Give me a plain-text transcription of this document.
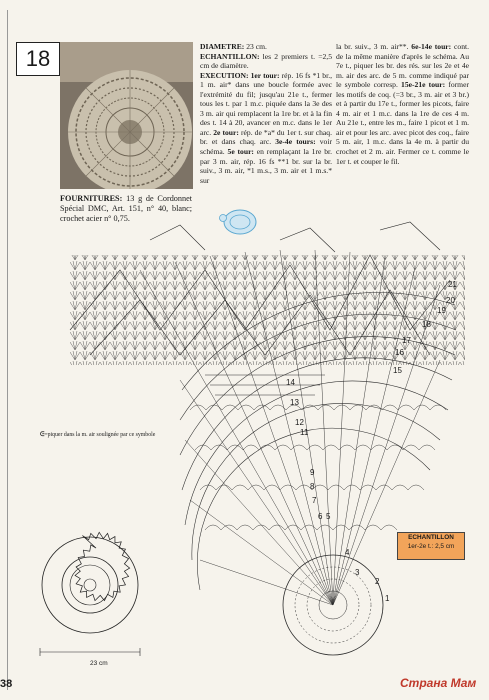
18
FOURNITURES: 13 g de Cordonnet Spécial DMC, Art. 151, n° 40, blanc; crochet acier n° 0,75.
DIAMETRE: 23 cm.
ECHANTILLON: les 2 premiers t. =2,5 cm de diamètre.
EXECUTION: 1er tour: rép. 16 fs *1 br., 1 m. air* dans une boucle formée avec l'extrémité du fil; jusqu'au 21e t., fermer tous les t. par 1 m.c. piquée dans la 3e des 3 m. air qui remplacent la 1re br. et à la fin des t. 14 à 20, avancer en m.c. dans le 1er arc. 2e tour: rép. de *a* du 1er t. sur chaq. br. et dans chaq. arc. 3e-4e tours: voir schéma. 5e tour: en remplaçant la 1re br. par 3 m. air, rép. 16 fs **1 br. sur la br. suiv., 3 m. air, *1 m.s., 3 m. air et 1 m.s.* sur
la br. suiv., 3 m. air**. 6e-14e tour: cont. de la même manière d'après le schéma. Au 7e t., piquer les br. des rés. sur les 2e et 4e m. air des arc. de 5 m. comme indiqué par le symbole corresp. 15e-21e tour: former les motifs de coq. (=3 br., 3 m. air et 3 br.) et à partir du 17e t., former les picots, faire 4 m. air et 1 m.c. dans la 1re de ces 4 m. Au 21e t., entre les m., faire 1 picot et 1 m. air et pour les arc. avec picot des coq., faire 5 m. air, 1 m.c. dans la 4e m. à partir du crochet et 2 m. air. Fermer ce t. comme le 1er t. et couper le fil.
23 cm
ᕮ=piquer dans la m. air soulignée par ce symbole
ECHANTILLON
1er-2e t.: 2,5 cm
21
20
19
18
17
16
15
14
13
12
11
9
8
7
6 5
4
3
2
1
38	Страна Мам
